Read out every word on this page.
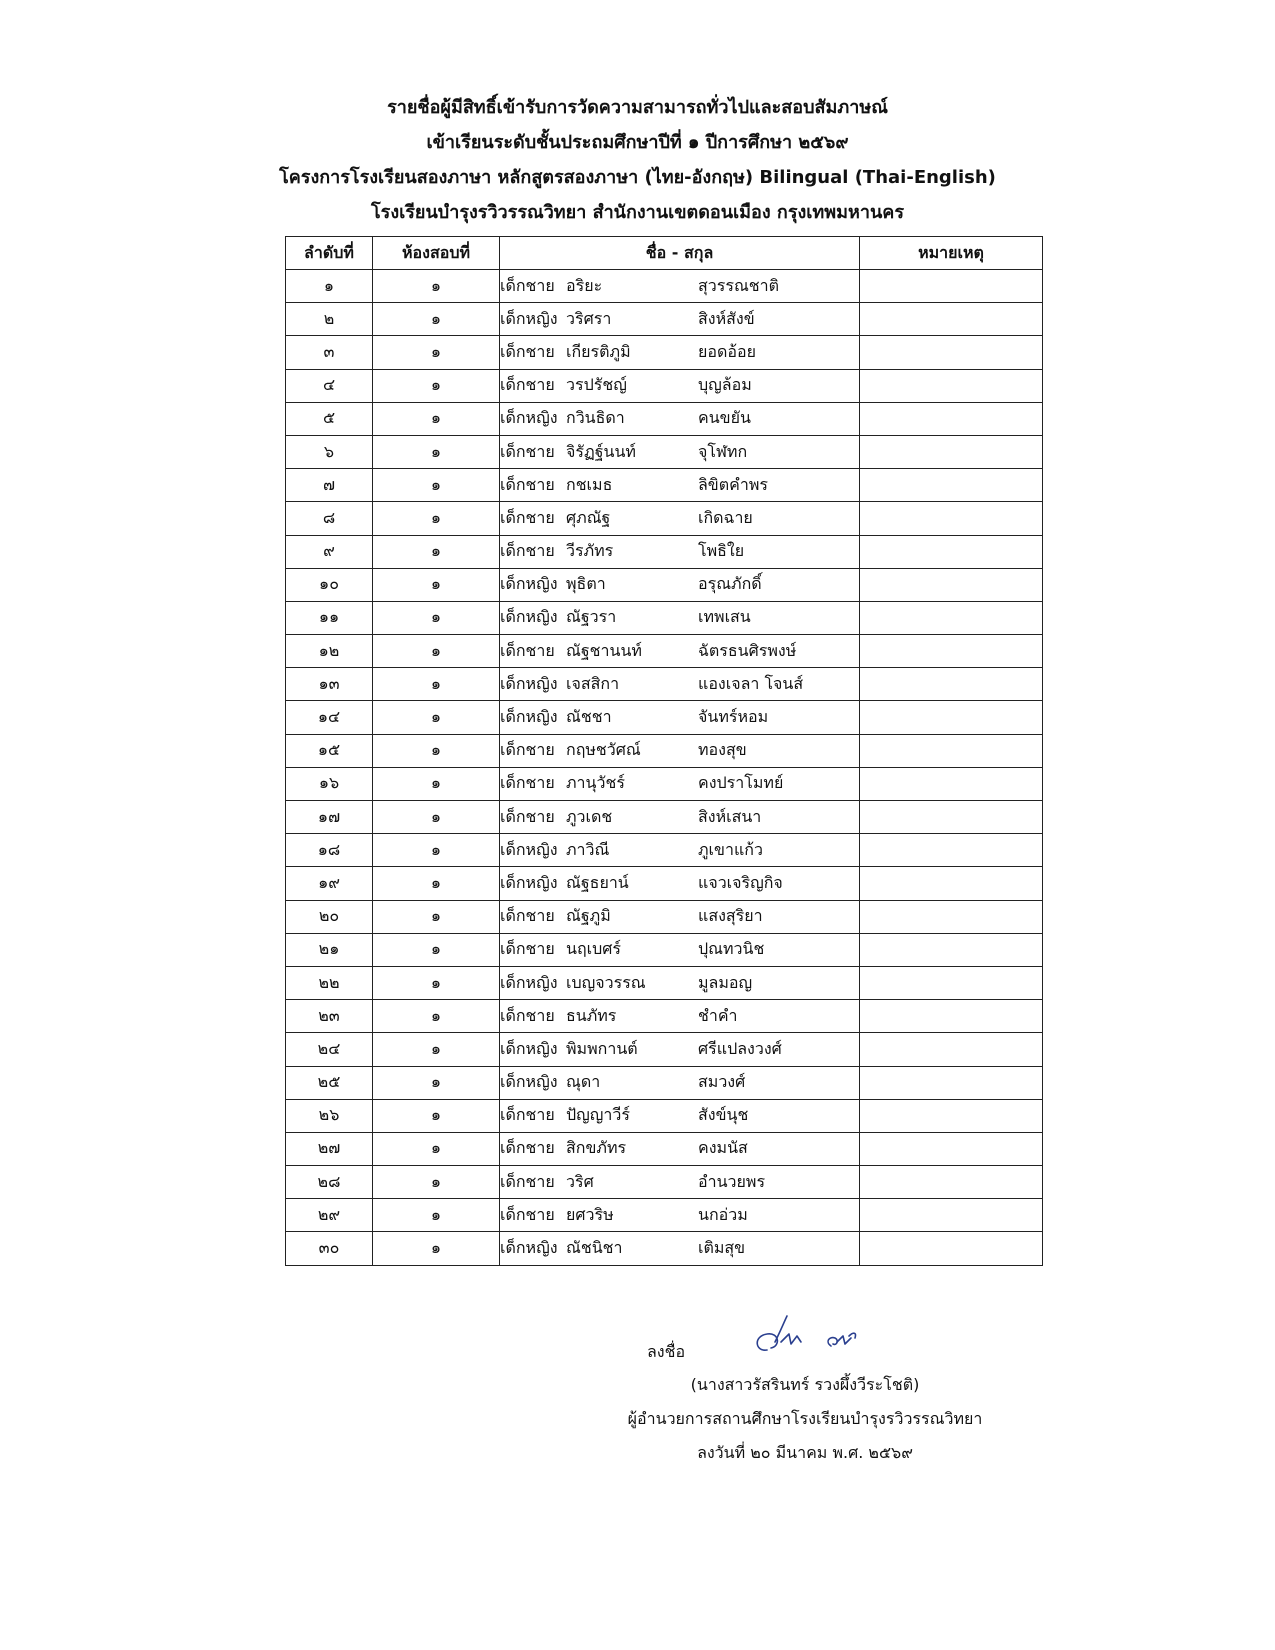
รายชื่อผู้มีสิทธิ์เข้ารับการวัดความสามารถทั่วไปและสอบสัมภาษณ์
เข้าเรียนระดับชั้นประถมศึกษาปีที่ ๑ ปีการศึกษา ๒๕๖๙
โครงการโรงเรียนสองภาษา หลักสูตรสองภาษา (ไทย-อังกฤษ) Bilingual (Thai-English)
โรงเรียนบำรุงรวิวรรณวิทยา สำนักงานเขตดอนเมือง กรุงเทพมหานคร
ลำดับที่	ห้องสอบที่	ชื่อ - สกุล	หมายเหตุ
๑	๑	เด็กชาย อริยะ สุวรรณชาติ	
๒	๑	เด็กหญิง วริศรา สิงห์สังข์	
๓	๑	เด็กชาย เกียรติภูมิ ยอดอ้อย	
๔	๑	เด็กชาย วรปรัชญ์ บุญล้อม	
๕	๑	เด็กหญิง กวินธิดา คนขยัน	
๖	๑	เด็กชาย จิรัฏฐ์นนท์ จุโฬทก	
๗	๑	เด็กชาย กชเมธ ลิขิตคำพร	
๘	๑	เด็กชาย ศุภณัฐ เกิดฉาย	
๙	๑	เด็กชาย วีรภัทร โพธิใย	
๑๐	๑	เด็กหญิง พุธิตา อรุณภักดิ์	
๑๑	๑	เด็กหญิง ณัฐวรา เทพเสน	
๑๒	๑	เด็กชาย ณัฐชานนท์ ฉัตรธนศิรพงษ์	
๑๓	๑	เด็กหญิง เจสสิกา แองเจลา โจนส์	
๑๔	๑	เด็กหญิง ณัชชา จันทร์หอม	
๑๕	๑	เด็กชาย กฤษชวัศณ์ ทองสุข	
๑๖	๑	เด็กชาย ภานุวัชร์ คงปราโมทย์	
๑๗	๑	เด็กชาย ภูวเดช สิงห์เสนา	
๑๘	๑	เด็กหญิง ภาวิณี ภูเขาแก้ว	
๑๙	๑	เด็กหญิง ณัฐธยาน์ แจวเจริญกิจ	
๒๐	๑	เด็กชาย ณัฐภูมิ แสงสุริยา	
๒๑	๑	เด็กชาย นฤเบศร์ ปุณทวนิช	
๒๒	๑	เด็กหญิง เบญจวรรณ มูลมอญ	
๒๓	๑	เด็กชาย ธนภัทร ชำคำ	
๒๔	๑	เด็กหญิง พิมพกานต์ ศรีแปลงวงศ์	
๒๕	๑	เด็กหญิง ณุดา สมวงศ์	
๒๖	๑	เด็กชาย ปัญญาวีร์ สังข์นุช	
๒๗	๑	เด็กชาย สิกขภัทร คงมนัส	
๒๘	๑	เด็กชาย วริศ อำนวยพร	
๒๙	๑	เด็กชาย ยศวริษ นกอ่วม	
๓๐	๑	เด็กหญิง ณัชนิชา เติมสุข	
ลงชื่อ
(นางสาวรัสรินทร์ รวงผึ้งวีระโชติ)
ผู้อำนวยการสถานศึกษาโรงเรียนบำรุงรวิวรรณวิทยา
ลงวันที่ ๒๐ มีนาคม พ.ศ. ๒๕๖๙
